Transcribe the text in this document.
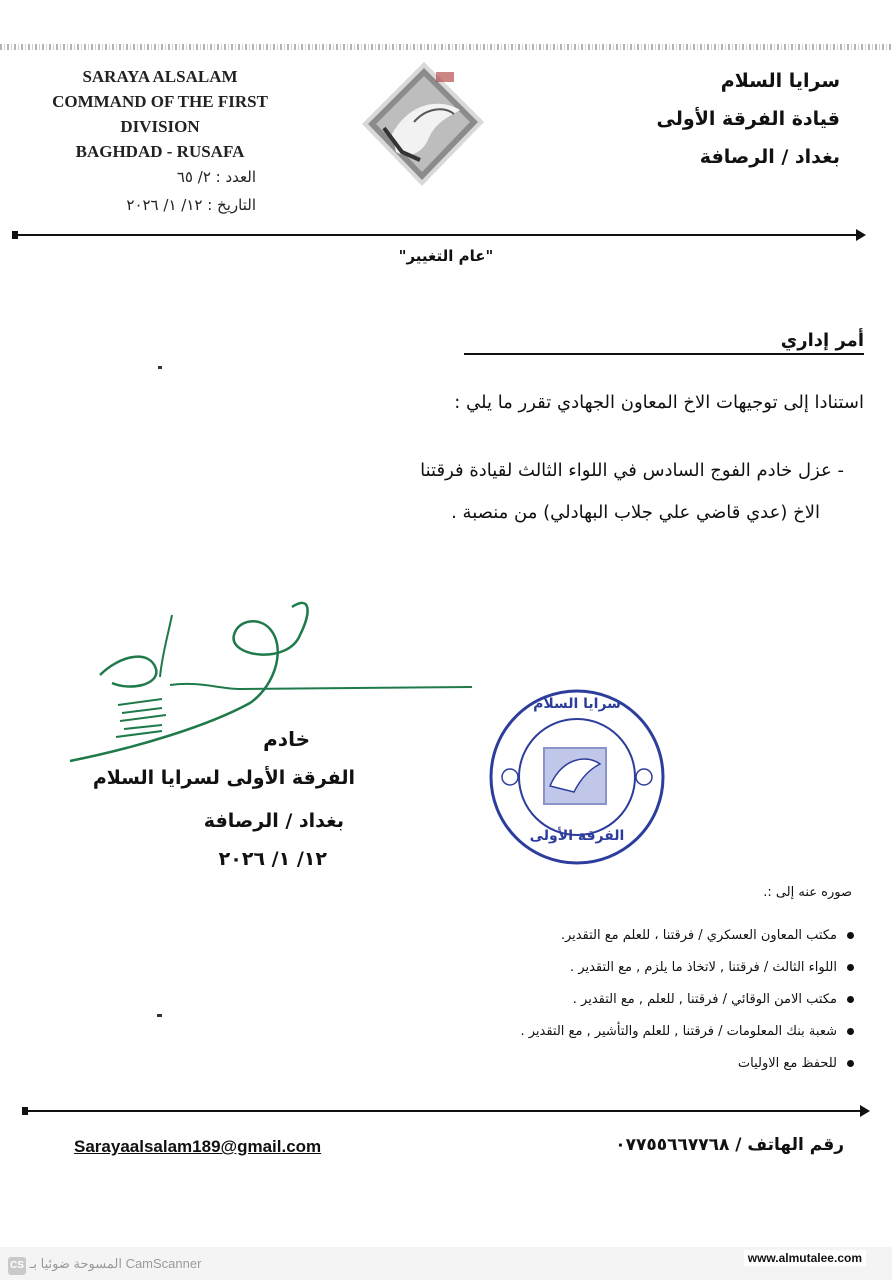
SARAYA ALSALAM
COMMAND OF THE FIRST
DIVISION
BAGHDAD - RUSAFA
العدد : ٢/ ٦٥
التاريخ : ١٢/ ١/ ٢٠٢٦
سرايا السلام
قيادة الفرقة الأولى
بغداد / الرصافة
"عام التغيير"
أمر إداري
استنادا إلى توجيهات الاخ المعاون الجهادي تقرر ما يلي :
- عزل خادم الفوج السادس في اللواء الثالث لقيادة فرقتنا
الاخ (عدي قاضي علي جلاب البهادلي) من منصبة .
خادم
الفرقة الأولى لسرايا السلام
بغداد / الرصافة
١٢/ ١/ ٢٠٢٦
سرايا السلام
الفرقة الأولى
صوره عنه إلى :.
مكتب المعاون العسكري / فرقتنا ، للعلم مع التقدير.
اللواء الثالث / فرقتنا , لاتخاذ ما يلزم , مع التقدير .
مكتب الامن الوقائي / فرقتنا , للعلم , مع التقدير .
شعبة بنك المعلومات / فرقتنا , للعلم والتأشير , مع التقدير .
للحفظ مع الاوليات
Sarayaalsalam189@gmail.com	رقم الهاتف / ٠٧٧٥٥٦٦٧٧٦٨
CS المسوحة ضوئيا بـ CamScanner	www.almutalee.com
